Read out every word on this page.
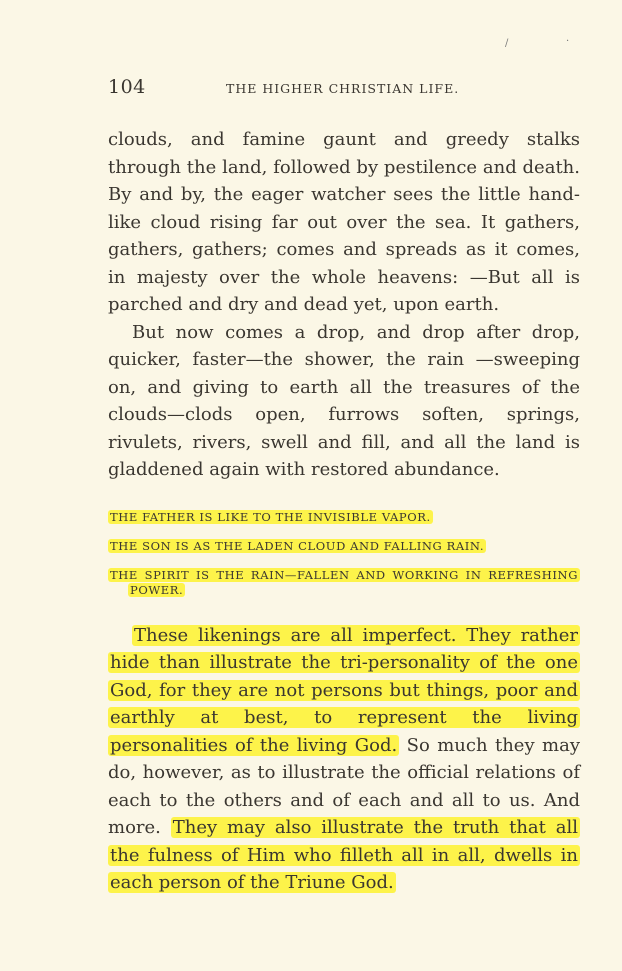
/	·
104	THE HIGHER CHRISTIAN LIFE.

clouds, and famine gaunt and greedy stalks through the land, followed by pestilence and death. By and by, the eager watcher sees the little hand-like cloud rising far out over the sea. It gathers, gathers, gathers; comes and spreads as it comes, in majesty over the whole heavens: —But all is parched and dry and dead yet, upon earth.

But now comes a drop, and drop after drop, quicker, faster—the shower, the rain —sweeping on, and giving to earth all the treasures of the clouds—clods open, furrows soften, springs, rivulets, rivers, swell and fill, and all the land is gladdened again with restored abundance.

THE FATHER IS LIKE TO THE INVISIBLE VAPOR.

THE SON IS AS THE LADEN CLOUD AND FALLING RAIN.

THE SPIRIT IS THE RAIN—FALLEN AND WORKING IN REFRESHING POWER.

These likenings are all imperfect. They rather hide than illustrate the tri-personality of the one God, for they are not persons but things, poor and earthly at best, to represent the living personalities of the living God. So much they may do, however, as to illustrate the official relations of each to the others and of each and all to us. And more. They may also illustrate the truth that all the fulness of Him who filleth all in all, dwells in each person of the Triune God.
